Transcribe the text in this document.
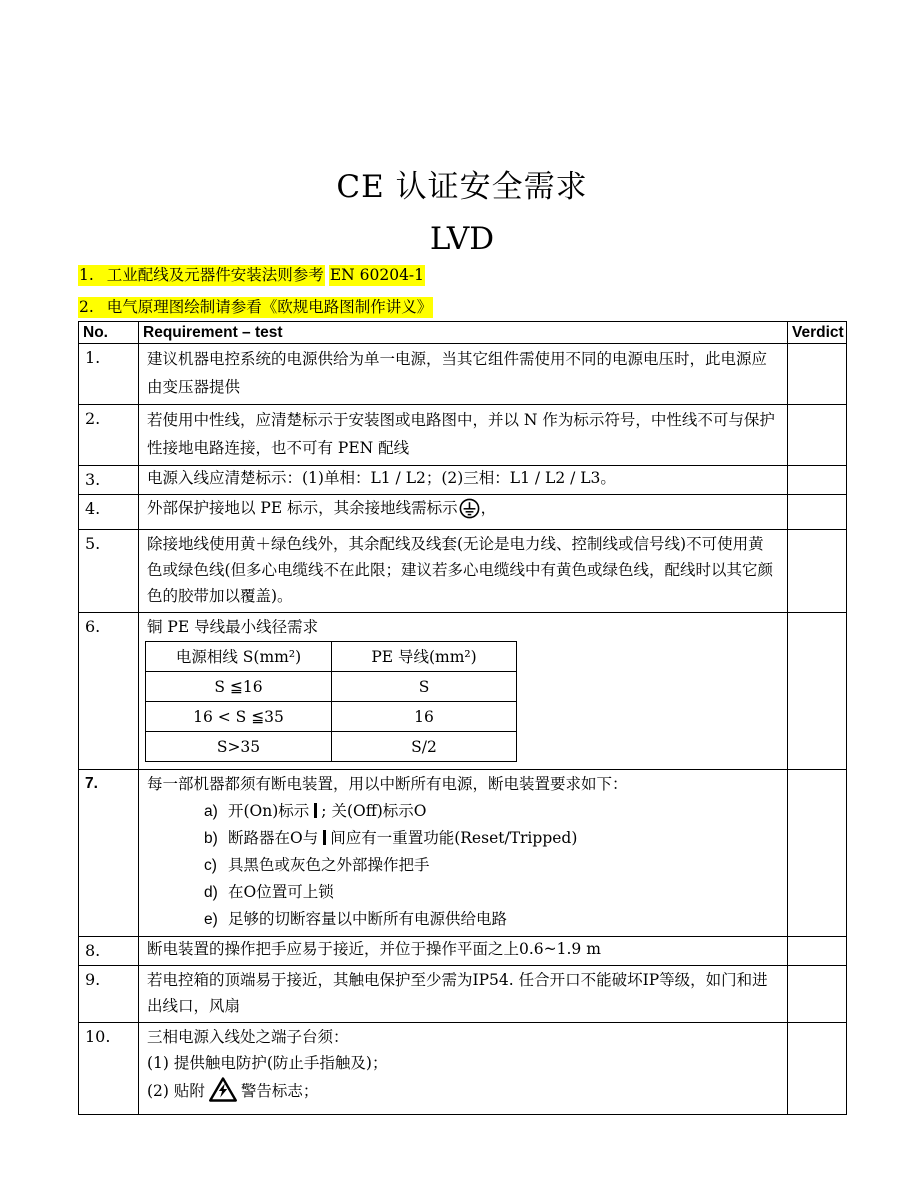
CE 认证安全需求
LVD
1. 工业配线及元器件安装法则参考 EN 60204-1
2. 电气原理图绘制请参看《欧规电路图制作讲义》
No.	Requirement – test	Verdict
1.	建议机器电控系统的电源供给为单一电源，当其它组件需使用不同的电源电压时，此电源应由变压器提供	
2.	若使用中性线，应清楚标示于安装图或电路图中，并以 N 作为标示符号，中性线不可与保护性接地电路连接，也不可有 PEN 配线	
3.	电源入线应清楚标示：(1)单相：L1 / L2；(2)三相：L1 / L2 / L3。	
4.	外部保护接地以 PE 标示，其余接地线需标示 ，	
5.	除接地线使用黄＋绿色线外，其余配线及线套(无论是电力线、控制线或信号线)不可使用黄色或绿色线(但多心电缆线不在此限；建议若多心电缆线中有黄色或绿色线，配线时以其它颜色的胶带加以覆盖)。	
6.	铜 PE 导线最小线径需求
电源相线 S(mm²)	PE 导线(mm²)
S ≦16	S
16 < S ≦35	16
S>35	S/2

7.	每一部机器都须有断电装置，用以中断所有电源，断电装置要求如下：
a) 开(On)标示 ; 关(Off)标示O
b) 断路器在O与 间应有一重置功能(Reset/Tripped)
c) 具黑色或灰色之外部操作把手
d) 在O位置可上锁
e) 足够的切断容量以中断所有电源供给电路

8.	断电装置的操作把手应易于接近，并位于操作平面之上0.6~1.9 m	
9.	若电控箱的顶端易于接近，其触电保护至少需为IP54. 任合开口不能破坏IP等级，如门和进出线口，风扇	
10.	三相电源入线处之端子台须：
(1) 提供触电防护(防止手指触及)；
(2) 贴附 警告标志；
